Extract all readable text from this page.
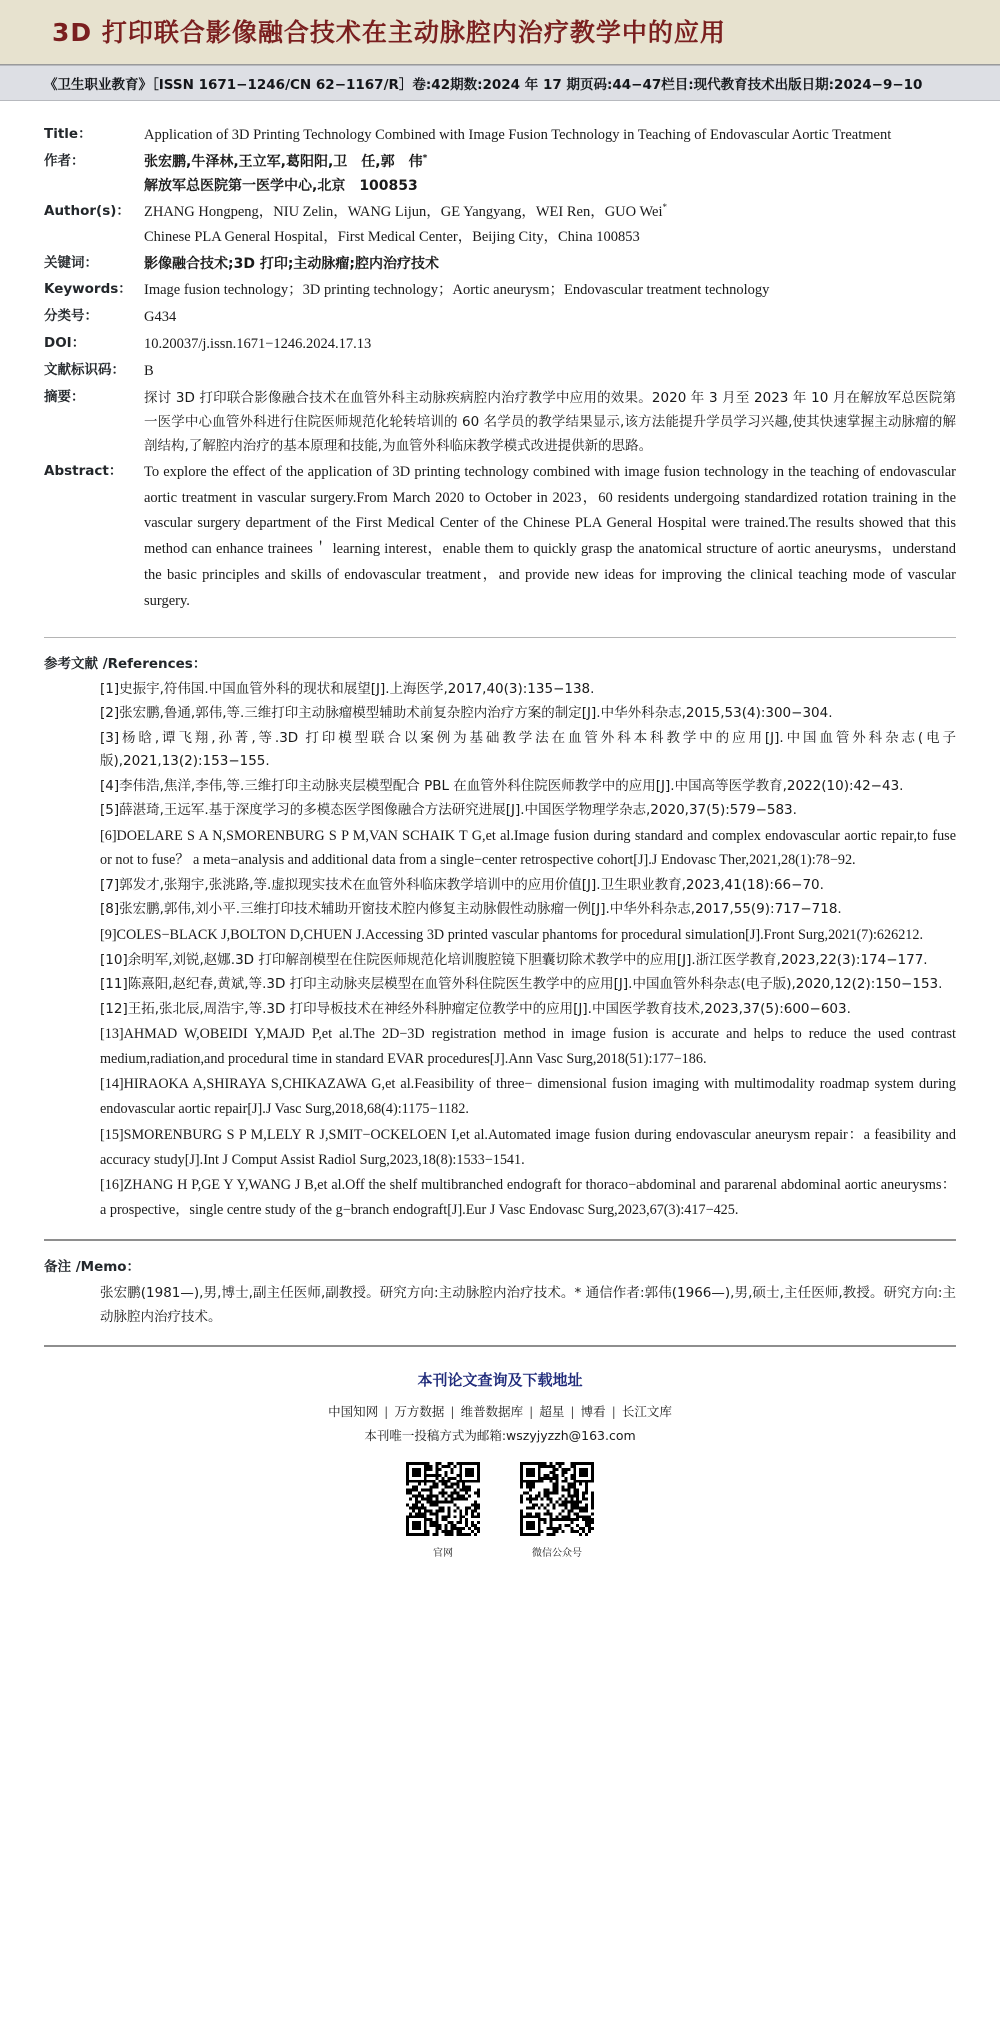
3D 打印联合影像融合技术在主动脉腔内治疗教学中的应用
《卫生职业教育》［ISSN 1671−1246/CN 62−1167/R］卷:42期数:2024 年 17 期页码:44−47栏目:现代教育技术出版日期:2024−9−10
Title：	Application of 3D Printing Technology Combined with Image Fusion Technology in Teaching of Endovascular Aortic Treatment
作者：	张宏鹏,牛泽林,王立军,葛阳阳,卫　任,郭　伟*
解放军总医院第一医学中心,北京　100853
Author(s)： ZHANG Hongpeng，NIU Zelin，WANG Lijun，GE Yangyang，WEI Ren，GUO Wei*
Chinese PLA General Hospital，First Medical Center，Beijing City，China 100853
关键词：	影像融合技术;3D 打印;主动脉瘤;腔内治疗技术
Keywords： Image fusion technology；3D printing technology；Aortic aneurysm；Endovascular treatment technology
分类号：	G434
DOI：	10.20037/j.issn.1671−1246.2024.17.13
文献标识码：	B
摘要：	探讨 3D 打印联合影像融合技术在血管外科主动脉疾病腔内治疗教学中应用的效果。2020 年 3 月至 2023 年 10 月在解放军总医院第一医学中心血管外科进行住院医师规范化轮转培训的 60 名学员的教学结果显示,该方法能提升学员学习兴趣,使其快速掌握主动脉瘤的解剖结构,了解腔内治疗的基本原理和技能,为血管外科临床教学模式改进提供新的思路。
Abstract：	To explore the effect of the application of 3D printing technology combined with image fusion technology in the teaching of endovascular aortic treatment in vascular surgery.From March 2020 to October in 2023，60 residents undergoing standardized rotation training in the vascular surgery department of the First Medical Center of the Chinese PLA General Hospital were trained.The results showed that this method can enhance trainees＇ learning interest，enable them to quickly grasp the anatomical structure of aortic aneurysms，understand the basic principles and skills of endovascular treatment，and provide new ideas for improving the clinical teaching mode of vascular surgery.
参考文献 /References：
[1]史振宇,符伟国.中国血管外科的现状和展望[J].上海医学,2017,40(3):135−138.
[2]张宏鹏,鲁通,郭伟,等.三维打印主动脉瘤模型辅助术前复杂腔内治疗方案的制定[J].中华外科杂志,2015,53(4):300−304.
[3]杨晗,谭飞翔,孙菁,等.3D 打印模型联合以案例为基础教学法在血管外科本科教学中的应用[J].中国血管外科杂志(电子版),2021,13(2):153−155.
[4]李伟浩,焦洋,李伟,等.三维打印主动脉夹层模型配合 PBL 在血管外科住院医师教学中的应用[J].中国高等医学教育,2022(10):42−43.
[5]薛湛琦,王远军.基于深度学习的多模态医学图像融合方法研究进展[J].中国医学物理学杂志,2020,37(5):579−583.
[6]DOELARE S A N,SMORENBURG S P M,VAN SCHAIK T G,et al.Image fusion during standard and complex endovascular aortic repair,to fuse or not to fuse？ a meta−analysis and additional data from a single−center retrospective cohort[J].J Endovasc Ther,2021,28(1):78−92.
[7]郭发才,张翔宇,张洮路,等.虚拟现实技术在血管外科临床教学培训中的应用价值[J].卫生职业教育,2023,41(18):66−70.
[8]张宏鹏,郭伟,刘小平.三维打印技术辅助开窗技术腔内修复主动脉假性动脉瘤一例[J].中华外科杂志,2017,55(9):717−718.
[9]COLES−BLACK J,BOLTON D,CHUEN J.Accessing 3D printed vascular phantoms for procedural simulation[J].Front Surg,2021(7):626212.
[10]余明军,刘锐,赵娜.3D 打印解剖模型在住院医师规范化培训腹腔镜下胆囊切除术教学中的应用[J].浙江医学教育,2023,22(3):174−177.
[11]陈熹阳,赵纪春,黄斌,等.3D 打印主动脉夹层模型在血管外科住院医生教学中的应用[J].中国血管外科杂志(电子版),2020,12(2):150−153.
[12]王拓,张北辰,周浩宇,等.3D 打印导板技术在神经外科肿瘤定位教学中的应用[J].中国医学教育技术,2023,37(5):600−603.
[13]AHMAD W,OBEIDI Y,MAJD P,et al.The 2D−3D registration method in image fusion is accurate and helps to reduce the used contrast medium,radiation,and procedural time in standard EVAR procedures[J].Ann Vasc Surg,2018(51):177−186.
[14]HIRAOKA A,SHIRAYA S,CHIKAZAWA G,et al.Feasibility of three− dimensional fusion imaging with multimodality roadmap system during endovascular aortic repair[J].J Vasc Surg,2018,68(4):1175−1182.
[15]SMORENBURG S P M,LELY R J,SMIT−OCKELOEN I,et al.Automated image fusion during endovascular aneurysm repair：a feasibility and accuracy study[J].Int J Comput Assist Radiol Surg,2023,18(8):1533−1541.
[16]ZHANG H P,GE Y Y,WANG J B,et al.Off the shelf multibranched endograft for thoraco−abdominal and pararenal abdominal aortic aneurysms：a prospective，single centre study of the g−branch endograft[J].Eur J Vasc Endovasc Surg,2023,67(3):417−425.
备注 /Memo：
张宏鹏(1981—),男,博士,副主任医师,副教授。研究方向:主动脉腔内治疗技术。* 通信作者:郭伟(1966—),男,硕士,主任医师,教授。研究方向:主动脉腔内治疗技术。
本刊论文查询及下载地址
中国知网 | 万方数据 | 维普数据库 | 超星 | 博看 | 长江文库
本刊唯一投稿方式为邮箱:wszyjyzzh@163.com
官网	微信公众号
